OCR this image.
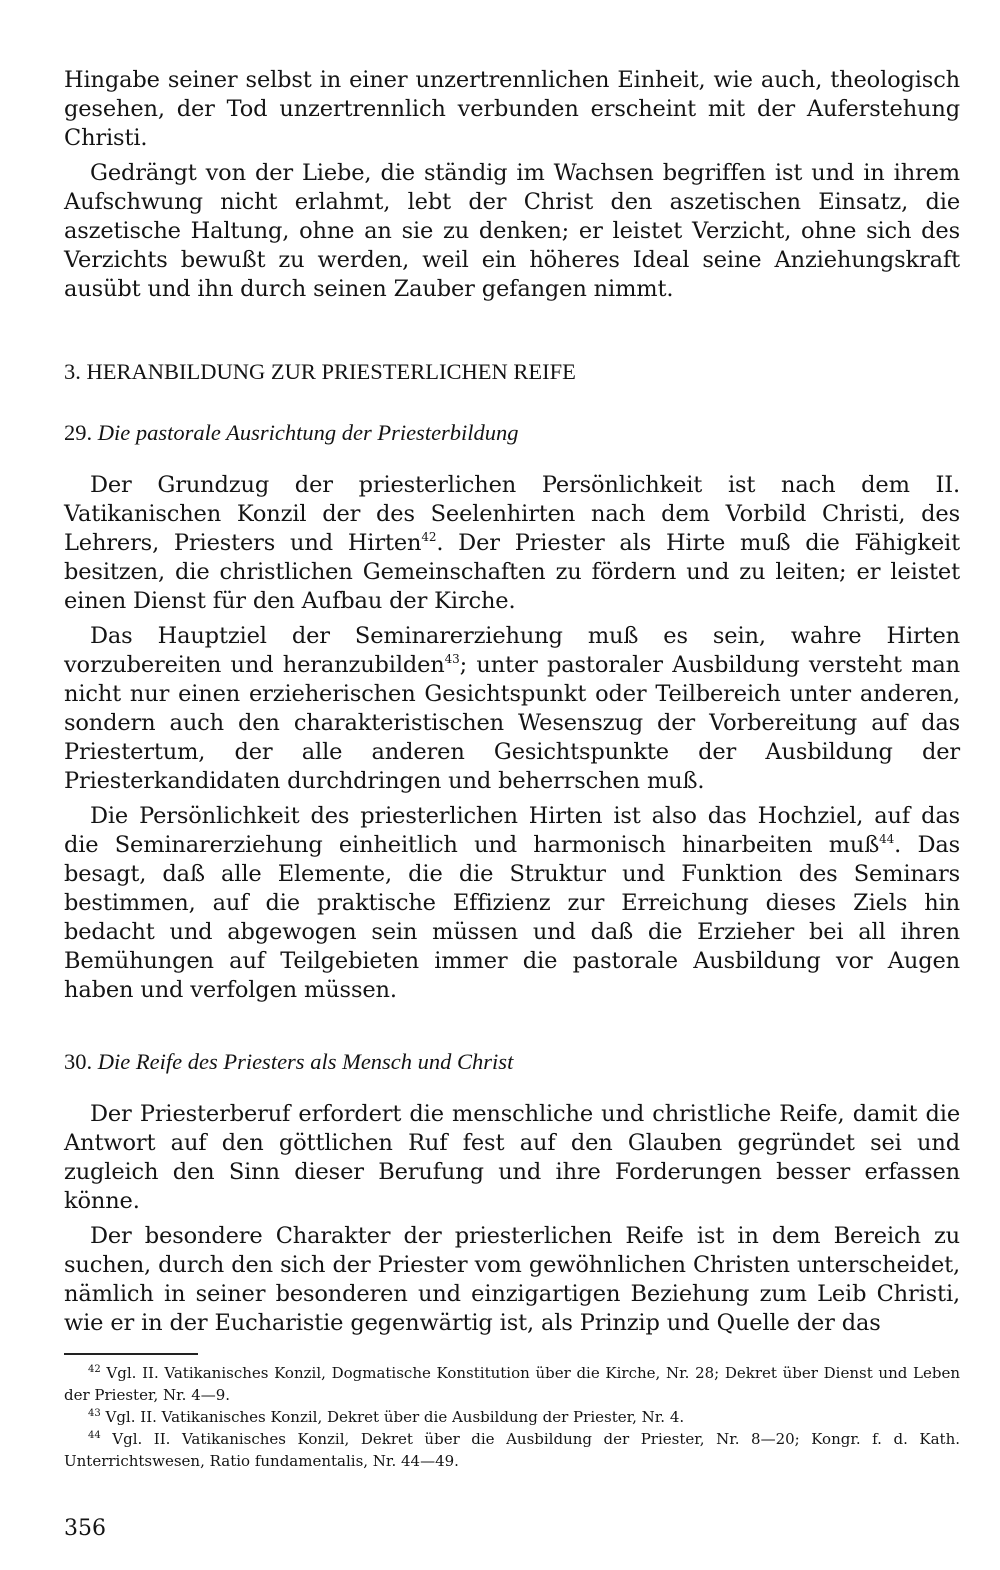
Hingabe seiner selbst in einer unzertrennlichen Einheit, wie auch, theologisch gesehen, der Tod unzertrennlich verbunden erscheint mit der Auferstehung Christi.

Gedrängt von der Liebe, die ständig im Wachsen begriffen ist und in ihrem Aufschwung nicht erlahmt, lebt der Christ den aszetischen Einsatz, die aszetische Haltung, ohne an sie zu denken; er leistet Verzicht, ohne sich des Verzichts bewußt zu werden, weil ein höheres Ideal seine Anziehungskraft ausübt und ihn durch seinen Zauber gefangen nimmt.

3. HERANBILDUNG ZUR PRIESTERLICHEN REIFE
29. Die pastorale Ausrichtung der Priesterbildung

Der Grundzug der priesterlichen Persönlichkeit ist nach dem II. Vatikanischen Konzil der des Seelenhirten nach dem Vorbild Christi, des Lehrers, Priesters und Hirten$^{42}$. Der Priester als Hirte muß die Fähigkeit besitzen, die christlichen Gemeinschaften zu fördern und zu leiten; er leistet einen Dienst für den Aufbau der Kirche.

Das Hauptziel der Seminarerziehung muß es sein, wahre Hirten vorzubereiten und heranzubilden$^{43}$; unter pastoraler Ausbildung versteht man nicht nur einen erzieherischen Gesichtspunkt oder Teilbereich unter anderen, sondern auch den charakteristischen Wesenszug der Vorbereitung auf das Priestertum, der alle anderen Gesichtspunkte der Ausbildung der Priesterkandidaten durchdringen und beherrschen muß.

Die Persönlichkeit des priesterlichen Hirten ist also das Hochziel, auf das die Seminarerziehung einheitlich und harmonisch hinarbeiten muß$^{44}$. Das besagt, daß alle Elemente, die die Struktur und Funktion des Seminars bestimmen, auf die praktische Effizienz zur Erreichung dieses Ziels hin bedacht und abgewogen sein müssen und daß die Erzieher bei all ihren Bemühungen auf Teilgebieten immer die pastorale Ausbildung vor Augen haben und verfolgen müssen.

30. Die Reife des Priesters als Mensch und Christ

Der Priesterberuf erfordert die menschliche und christliche Reife, damit die Antwort auf den göttlichen Ruf fest auf den Glauben gegründet sei und zugleich den Sinn dieser Berufung und ihre Forderungen besser erfassen könne.

Der besondere Charakter der priesterlichen Reife ist in dem Bereich zu suchen, durch den sich der Priester vom gewöhnlichen Christen unterscheidet, nämlich in seiner besonderen und einzigartigen Beziehung zum Leib Christi, wie er in der Eucharistie gegenwärtig ist, als Prinzip und Quelle der das

$^{42}$ Vgl. II. Vatikanisches Konzil, Dogmatische Konstitution über die Kirche, Nr. 28; Dekret über Dienst und Leben der Priester, Nr. 4—9.
$^{43}$ Vgl. II. Vatikanisches Konzil, Dekret über die Ausbildung der Priester, Nr. 4.
$^{44}$ Vgl. II. Vatikanisches Konzil, Dekret über die Ausbildung der Priester, Nr. 8—20; Kongr. f. d. Kath. Unterrichtswesen, Ratio fundamentalis, Nr. 44—49.
356
